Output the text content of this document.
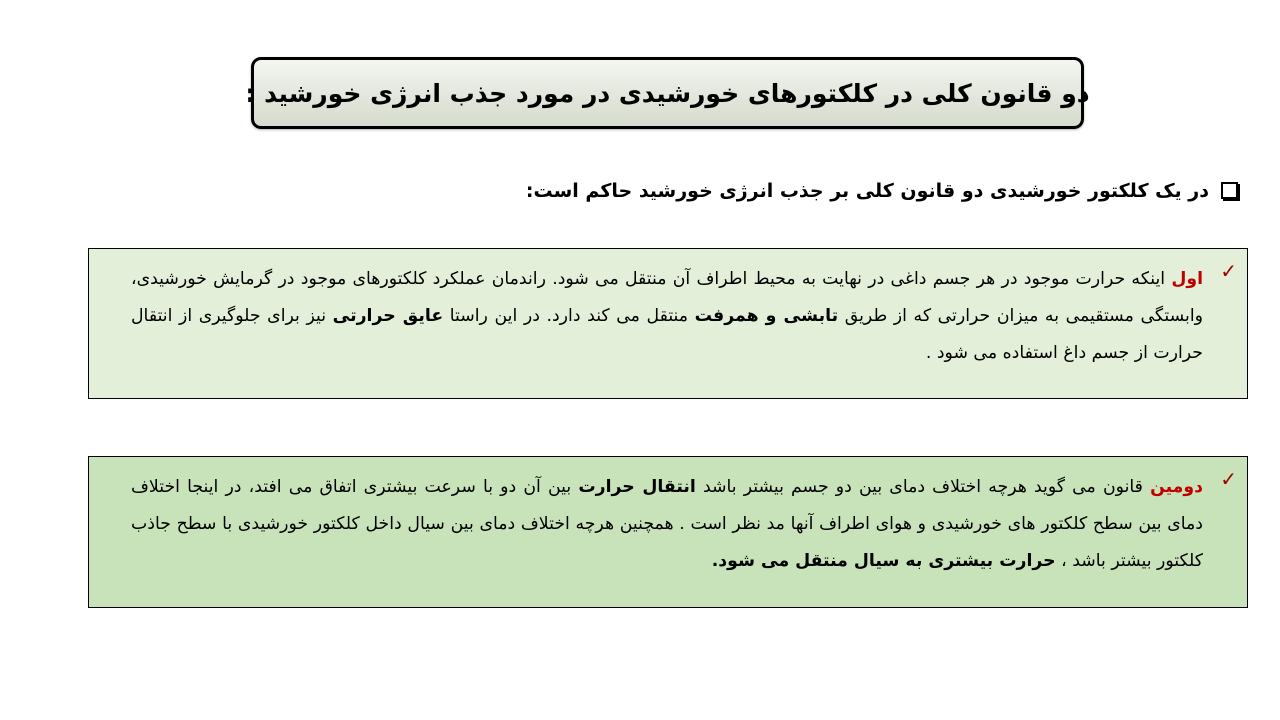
دو قانون کلی در کلکتورهای خورشیدی در مورد جذب انرژی خورشید :
در یک کلکتور خورشیدی دو قانون کلی بر جذب انرژی خورشید حاکم است:
✓

اول اینکه حرارت موجود در هر جسم داغی در نهایت به محیط اطراف آن منتقل می شود. راندمان عملکرد کلکتورهای موجود در گرمایش خورشیدی، وابستگی مستقیمی به میزان حرارتی که از طریق تابشی و همرفت منتقل می کند دارد. در این راستا عایق حرارتی نیز برای جلوگیری از انتقال حرارت از جسم داغ استفاده می شود .

✓

دومین قانون می گوید هرچه اختلاف دمای بین دو جسم بیشتر باشد انتقال حرارت بین آن دو با سرعت بیشتری اتفاق می افتد، در اینجا اختلاف دمای بین سطح کلکتور های خورشیدی و هوای اطراف آنها مد نظر است . همچنین هرچه اختلاف دمای بین سیال داخل کلکتور خورشیدی با سطح جاذب کلکتور بیشتر باشد ، حرارت بیشتری به سیال منتقل می شود.
